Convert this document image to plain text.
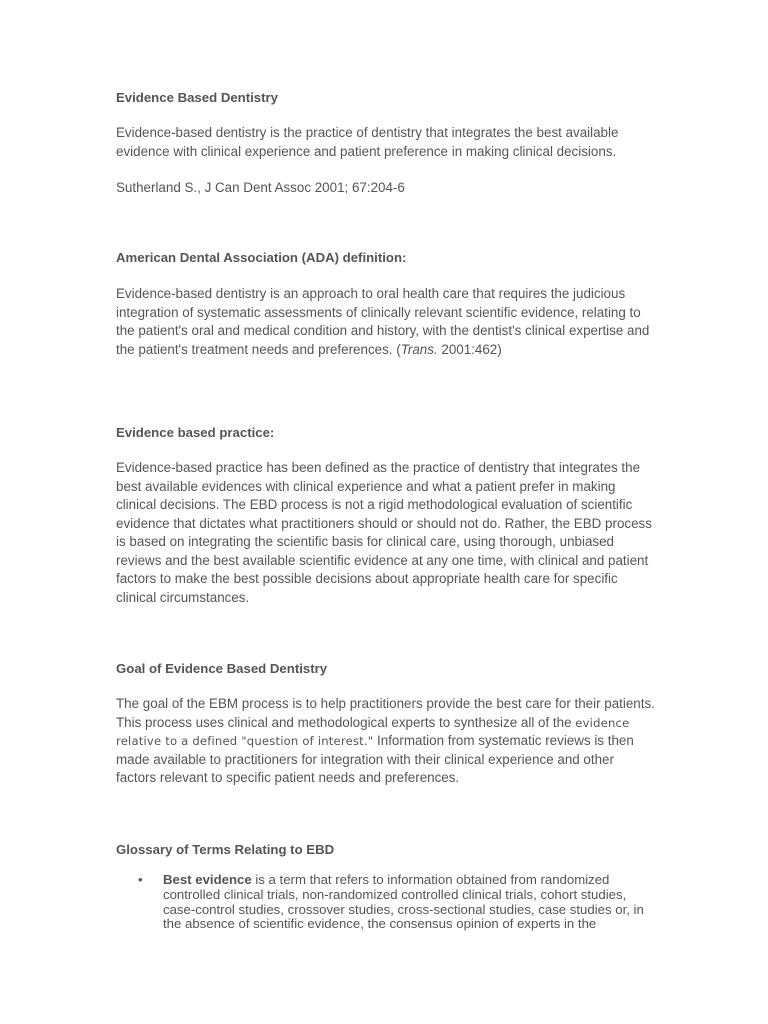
Evidence Based Dentistry

Evidence-based dentistry is the practice of dentistry that integrates the best available evidence with clinical experience and patient preference in making clinical decisions.

Sutherland S., J Can Dent Assoc 2001; 67:204-6

American Dental Association (ADA) definition:

Evidence-based dentistry is an approach to oral health care that requires the judicious integration of systematic assessments of clinically relevant scientific evidence, relating to the patient's oral and medical condition and history, with the dentist's clinical expertise and the patient's treatment needs and preferences. (Trans. 2001:462)

Evidence based practice:

Evidence-based practice has been defined as the practice of dentistry that integrates the best available evidences with clinical experience and what a patient prefer in making clinical decisions. The EBD process is not a rigid methodological evaluation of scientific evidence that dictates what practitioners should or should not do. Rather, the EBD process is based on integrating the scientific basis for clinical care, using thorough, unbiased reviews and the best available scientific evidence at any one time, with clinical and patient factors to make the best possible decisions about appropriate health care for specific clinical circumstances.

Goal of Evidence Based Dentistry

The goal of the EBM process is to help practitioners provide the best care for their patients. This process uses clinical and methodological experts to synthesize all of the evidence relative to a defined "question of interest." Information from systematic reviews is then made available to practitioners for integration with their clinical experience and other factors relevant to specific patient needs and preferences.

Glossary of Terms Relating to EBD

• Best evidence is a term that refers to information obtained from randomized controlled clinical trials, non-randomized controlled clinical trials, cohort studies, case-control studies, crossover studies, cross-sectional studies, case studies or, in the absence of scientific evidence, the consensus opinion of experts in the
